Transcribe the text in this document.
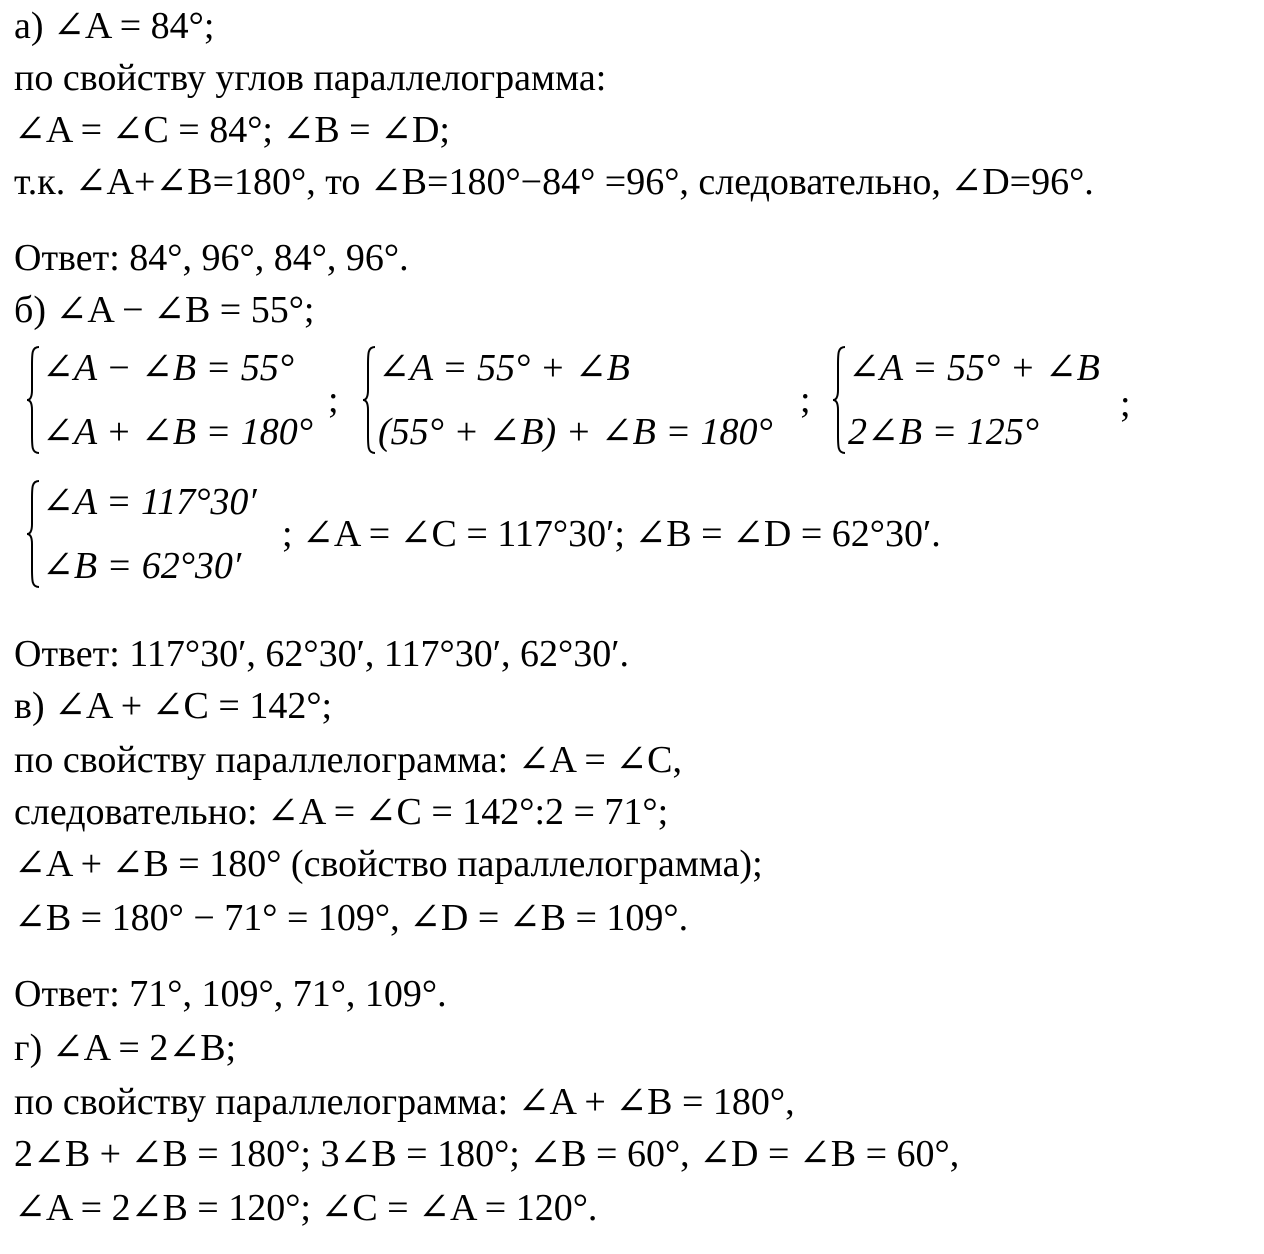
а) ∠A = 84°;
по свойству углов параллелограмма:
∠A = ∠C = 84°; ∠B = ∠D;
т.к. ∠A+∠B=180°, то ∠B=180°−84° =96°, следовательно, ∠D=96°.
Ответ: 84°, 96°, 84°, 96°.
б) ∠A − ∠B = 55°;
∠A − ∠B = 55°
∠A + ∠B = 180°
;
∠A = 55° + ∠B
(55° + ∠B) + ∠B = 180°
;
∠A = 55° + ∠B
2∠B = 125°
;
∠A = 117°30′
∠B = 62°30′
; ∠A = ∠C = 117°30′; ∠B = ∠D = 62°30′.
Ответ: 117°30′, 62°30′, 117°30′, 62°30′.
в) ∠A + ∠C = 142°;
по свойству параллелограмма: ∠A = ∠C,
следовательно: ∠A = ∠C = 142°:2 = 71°;
∠A + ∠B = 180° (свойство параллелограмма);
∠B = 180° − 71° = 109°, ∠D = ∠B = 109°.
Ответ: 71°, 109°, 71°, 109°.
г) ∠A = 2∠B;
по свойству параллелограмма: ∠A + ∠B = 180°,
2∠B + ∠B = 180°; 3∠B = 180°; ∠B = 60°, ∠D = ∠B = 60°,
∠A = 2∠B = 120°; ∠C = ∠A = 120°.
